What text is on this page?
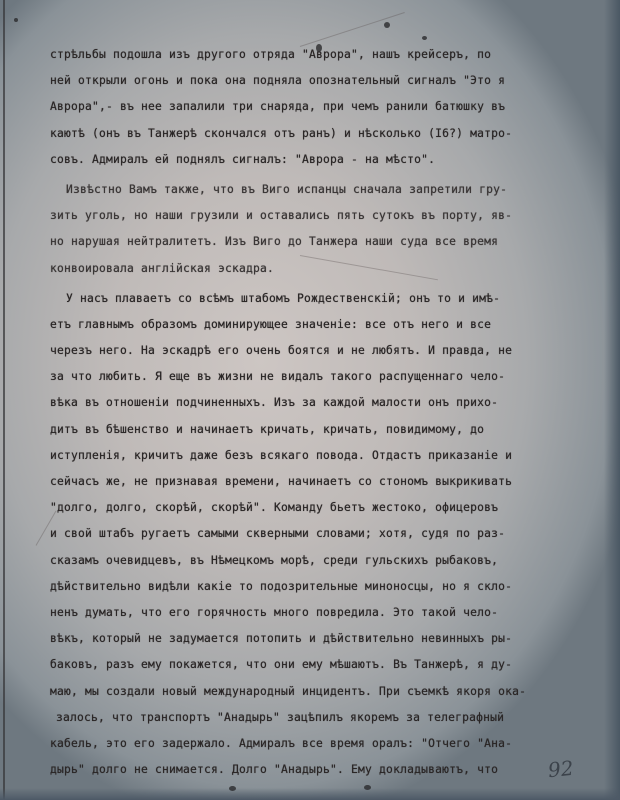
стрѣльбы подошла изъ другого отряда "Аврора", нашъ крейсеръ, по
ней открыли огонь и пока она подняла опознательный сигналъ "Это я
Аврора",- въ нее запалили три снаряда, при чемъ ранили батюшку въ
каютѣ (онъ въ Танжерѣ скончался отъ ранъ) и нѣсколько (I6?) матро-
совъ. Адмиралъ ей поднялъ сигналъ: "Аврора - на мѣсто".
Извѣстно Вамъ также, что въ Виго испанцы сначала запретили гру-
зить уголь, но наши грузили и оставались пять сутокъ въ порту, яв-
но нарушая нейтралитетъ. Изъ Виго до Танжера наши суда все время
конвоировала англiйская эскадра.
У насъ плаваетъ со всѣмъ штабомъ Рождественскiй; онъ то и имѣ-
етъ главнымъ образомъ доминирующее значенiе: все отъ него и все
черезъ него. На эскадрѣ его очень боятся и не любятъ. И правда, не
за что любить. Я еще въ жизни не видалъ такого распущеннаго чело-
вѣка въ отношенiи подчиненныхъ. Изъ за каждой малости онъ прихо-
дитъ въ бѣшенство и начинаетъ кричать, кричать, повидимому, до
иступленiя, кричитъ даже безъ всякаго повода. Отдастъ приказанiе и
сейчасъ же, не признавая времени, начинаетъ со стономъ выкрикивать
"долго, долго, скорѣй, скорѣй". Команду бьетъ жестоко, офицеровъ
и свой штабъ ругаетъ самыми скверными словами; хотя, судя по раз-
сказамъ очевидцевъ, въ Нѣмецкомъ морѣ, среди гульскихъ рыбаковъ,
дѣйствительно видѣли какiе то подозрительные миноносцы, но я скло-
ненъ думать, что его горячность много повредила. Это такой чело-
вѣкъ, который не задумается потопить и дѣйствительно невинныхъ ры-
баковъ, разъ ему покажется, что они ему мѣшаютъ. Въ Танжерѣ, я ду-
маю, мы создали новый международный инцидентъ. При съемкѣ якоря ока-
залось, что транспортъ "Анадырь" зацѣпилъ якоремъ за телеграфный
кабель, это его задержало. Адмиралъ все время оралъ: "Отчего "Ана-
дырь" долго не снимается. Долго "Анадырь". Ему докладываютъ, что	92
